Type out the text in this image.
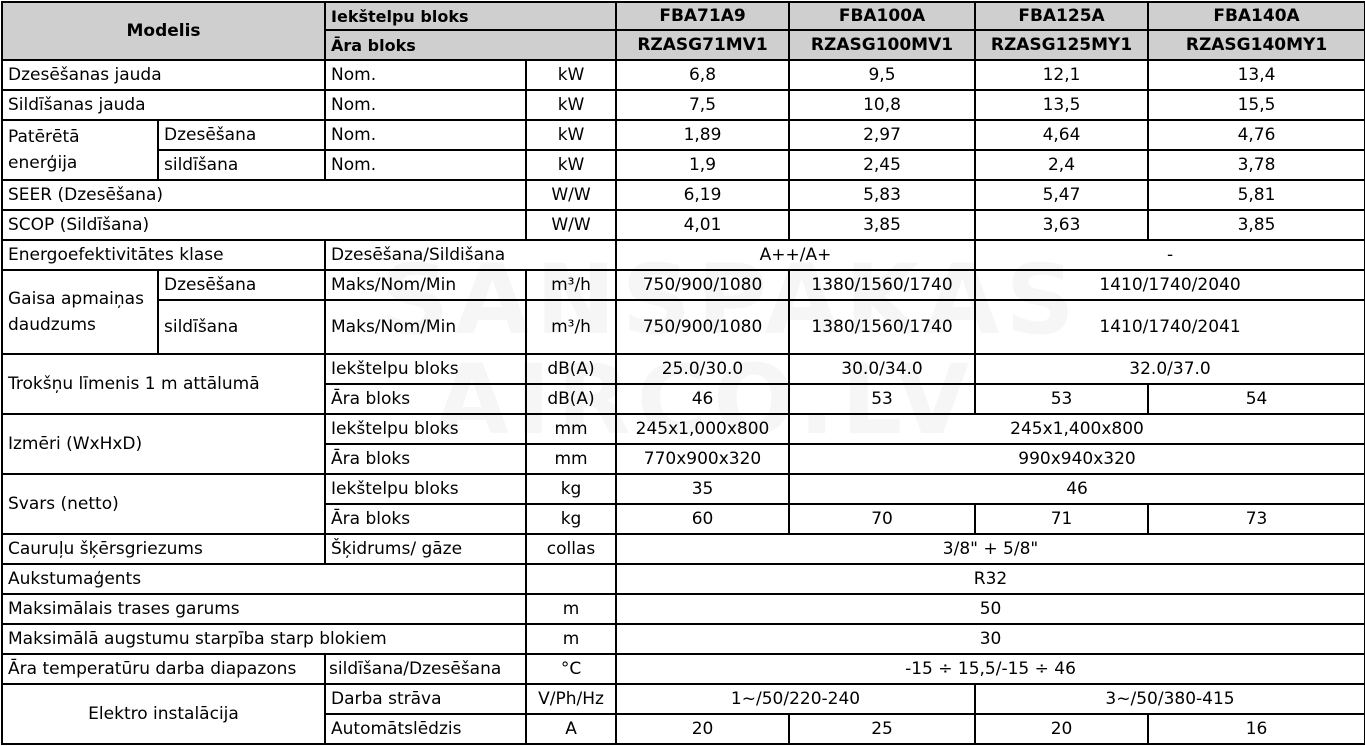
Modelis		Iekštelpu bloks		FBA71A9	FBA100A	FBA125A	FBA140A
		Āra bloks		RZASG71MV1	RZASG100MV1	RZASG125MY1	RZASG140MY1
Dzesēšanas jauda		Nom.	kW	6,8	9,5	12,1	13,4
Sildīšanas jauda		Nom.	kW	7,5	10,8	13,5	15,5
Patērētā enerģija	Dzesēšana	Nom.	kW	1,89	2,97	4,64	4,76
	sildīšana	Nom.	kW	1,9	2,45	2,4	3,78
SEER (Dzesēšana)			W/W	6,19	5,83	5,47	5,81
SCOP (Sildīšana)			W/W	4,01	3,85	3,63	3,85
Energoefektivitātes klase		Dzesēšana/Sildišana		A++/A+		-	
Gaisa apmaiņas daudzums	Dzesēšana	Maks/Nom/Min	m³/h	750/900/1080	1380/1560/1740	1410/1740/2040	
	sildīšana	Maks/Nom/Min	m³/h	750/900/1080	1380/1560/1740	1410/1740/2041	
Trokšņu līmenis 1 m attālumā		Iekštelpu bloks	dB(A)	25.0/30.0	30.0/34.0	32.0/37.0	
		Āra bloks	dB(A)	46	53	53	54
Izmēri (WxHxD)		Iekštelpu bloks	mm	245x1,000x800	245x1,400x800		
		Āra bloks	mm	770x900x320	990x940x320		
Svars (netto)		Iekštelpu bloks	kg	35	46		
		Āra bloks	kg	60	70	71	73
Cauruļu šķērsgriezums		Šķidrums/ gāze	collas	3/8" + 5/8"			
Aukstumaģents				R32			
Maksimālais trases garums			m	50			
Maksimālā augstumu starpība starp blokiem			m	30			
Āra temperatūru darba diapazons		sildīšana/Dzesēšana	°C	-15 ÷ 15,5/-15 ÷ 46			
Elektro instalācija		Darba strāva	V/Ph/Hz	1~/50/220-240		3~/50/380-415	
		Automātslēdzis	A	20	25	20	16
